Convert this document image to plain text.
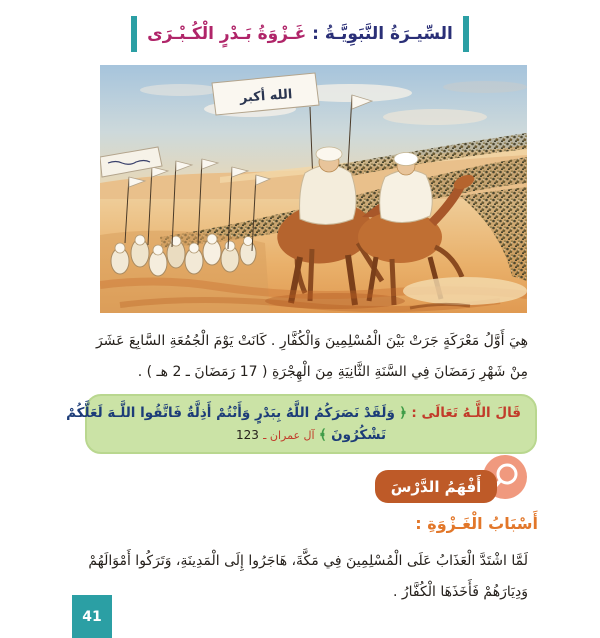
السِّيـرَةُ النَّبَوِيَّـةُ : غَـزْوَةُ بَـدْرٍ الْكُـبْـرَى
الله أكبر
هِيَ أَوَّلُ مَعْرَكَةٍ جَرَتْ بَيْنَ الْمُسْلِمِينَ وَالْكُفَّارِ . كَانَتْ يَوْمَ الْجُمُعَةِ السَّابِعَ عَشَرَ
مِنْ شَهْرِ رَمَضَانَ فِي السَّنَةِ الثَّانِيَةِ مِنَ الْهِجْرَةِ ( 17 رَمَضَانَ ـ 2 هـ ) .
قَالَ اللَّـهُ تَعَالَى : ﴿ وَلَقَدْ نَصَرَكُمُ اللَّهُ بِبَدْرٍ وَأَنْتُمْ أَذِلَّةٌ فَاتَّقُوا اللَّـهَ لَعَلَّكُمْ
تَشْكُرُونَ ﴾ آل عمران ـ 123
أَفْهَمُ الدَّرْسَ
أَسْبَابُ الْغَـزْوَةِ :
لَمَّا اشْتَدَّ الْعَذَابُ عَلَى الْمُسْلِمِينَ فِي مَكَّةَ، هَاجَرُوا إِلَى الْمَدِينَةِ، وَتَرَكُوا أَمْوَالَهُمْ
وَدِيَارَهُمْ فَأَخَذَهَا الْكُفَّارُ .
41
